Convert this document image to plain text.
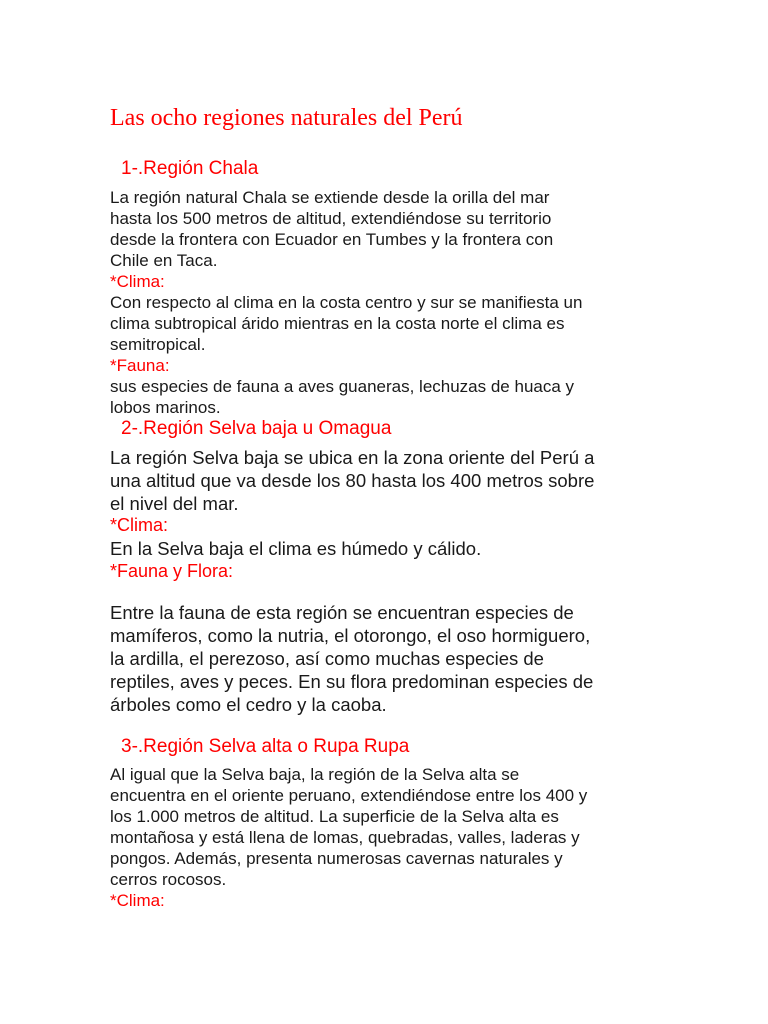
Las ocho regiones naturales del Perú
1-.Región Chala

La región natural Chala se extiende desde la orilla del mar
hasta los 500 metros de altitud, extendiéndose su territorio
desde la frontera con Ecuador en Tumbes y la frontera con
Chile en Taca.

*Clima:

Con respecto al clima en la costa centro y sur se manifiesta un
clima subtropical árido mientras en la costa norte el clima es
semitropical.

*Fauna:

sus especies de fauna a aves guaneras, lechuzas de huaca y
lobos marinos.

2-.Región Selva baja u Omagua

La región Selva baja se ubica en la zona oriente del Perú a
una altitud que va desde los 80 hasta los 400 metros sobre
el nivel del mar.

*Clima:

En la Selva baja el clima es húmedo y cálido.

*Fauna y Flora:

Entre la fauna de esta región se encuentran especies de
mamíferos, como la nutria, el otorongo, el oso hormiguero,
la ardilla, el perezoso, así como muchas especies de
reptiles, aves y peces. En su flora predominan especies de
árboles como el cedro y la caoba.

3-.Región Selva alta o Rupa Rupa

Al igual que la Selva baja, la región de la Selva alta se
encuentra en el oriente peruano, extendiéndose entre los 400 y
los 1.000 metros de altitud. La superficie de la Selva alta es
montañosa y está llena de lomas, quebradas, valles, laderas y
pongos. Además, presenta numerosas cavernas naturales y
cerros rocosos.

*Clima:
